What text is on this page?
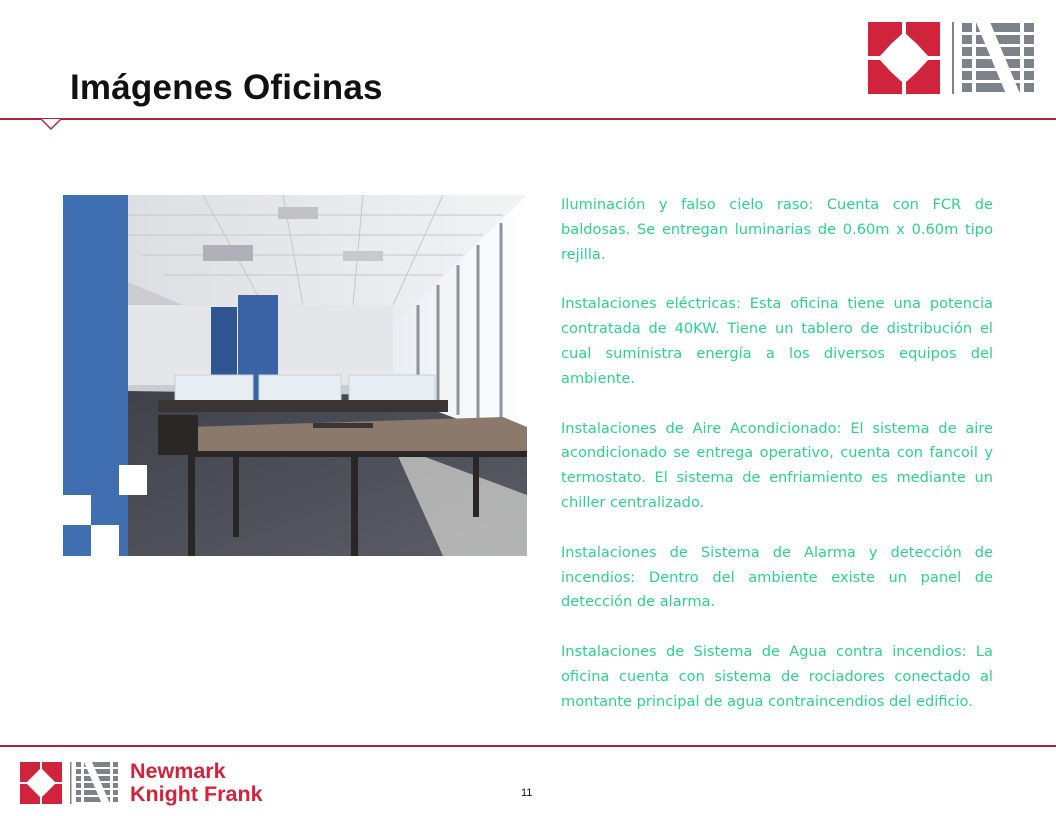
Imágenes Oficinas

Iluminación y falso cielo raso: Cuenta con FCR de baldosas. Se entregan luminarias de 0.60m x 0.60m tipo rejilla.

Instalaciones eléctricas: Esta oficina tiene una potencia contratada de 40KW. Tiene un tablero de distribución el cual suministra energía a los diversos equipos del ambiente.

Instalaciones de Aire Acondicionado: El sistema de aire acondicionado se entrega operativo, cuenta con fancoil y termostato. El sistema de enfriamiento es mediante un chiller centralizado.

Instalaciones de Sistema de Alarma y detección de incendios: Dentro del ambiente existe un panel de detección de alarma.

Instalaciones de Sistema de Agua contra incendios: La oficina cuenta con sistema de rociadores conectado al montante principal de agua contraincendios del edificio.

Newmark
Knight Frank	11
